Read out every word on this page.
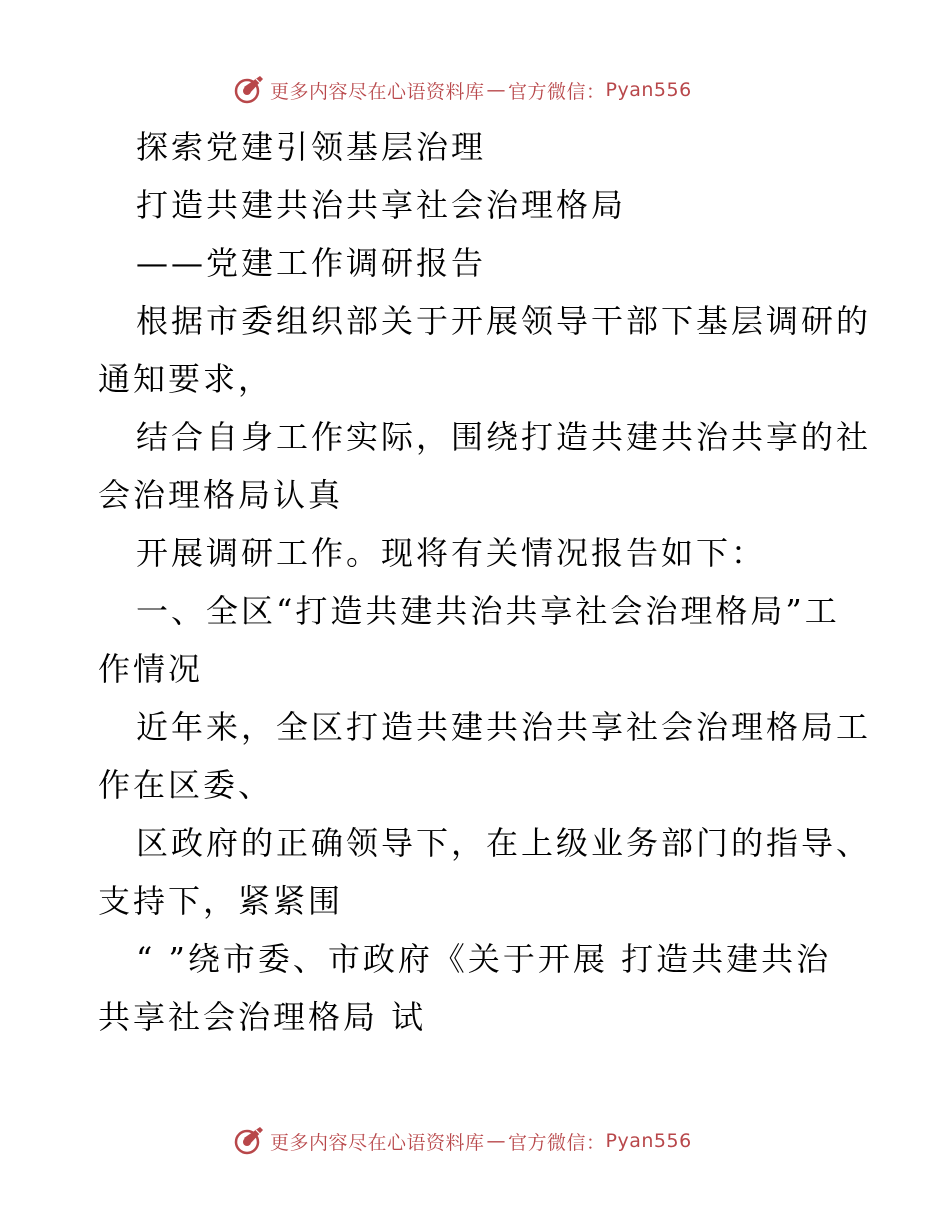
更多内容尽在心语资料库 — 官方微信： Pyan556
探索党建引领基层治理
打造共建共治共享社会治理格局
——党建工作调研报告
根据市委组织部关于开展领导干部下基层调研的
通知要求，
结合自身工作实际，围绕打造共建共治共享的社
会治理格局认真
开展调研工作。现将有关情况报告如下：
一、全区“打造共建共治共享社会治理格局”工
作情况
近年来，全区打造共建共治共享社会治理格局工
作在区委、
区政府的正确领导下，在上级业务部门的指导、
支持下，紧紧围
“ ”绕市委、市政府《关于开展 打造共建共治
共享社会治理格局 试
更多内容尽在心语资料库 — 官方微信： Pyan556
